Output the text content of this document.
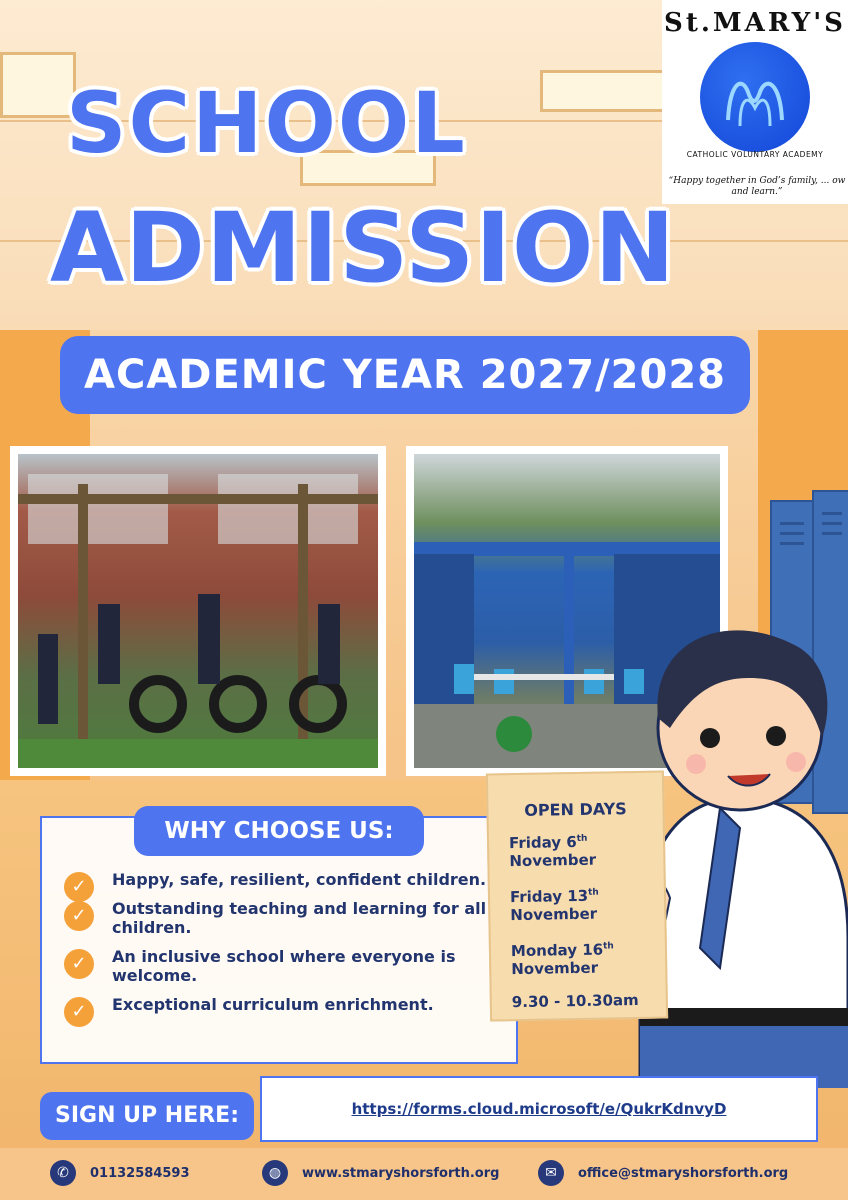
St.MARY'S
CATHOLIC VOLUNTARY ACADEMY
“Happy together in God’s family, ... ow and learn.”
SCHOOL
ADMISSION
ACADEMIC YEAR 2027/2028
WHY CHOOSE US:
✓	Happy, safe, resilient, confident children.
✓	Outstanding teaching and learning for all children.
✓	An inclusive school where everyone is welcome.
✓	Exceptional curriculum enrichment.
OPEN DAYS
Friday 6th
November
Friday 13th
November
Monday 16th
November
9.30 - 10.30am
SIGN UP HERE:	https://forms.cloud.microsoft/e/QukrKdnvyD
✆	01132584593	◍	www.stmaryshorsforth.org	✉	office@stmaryshorsforth.org
